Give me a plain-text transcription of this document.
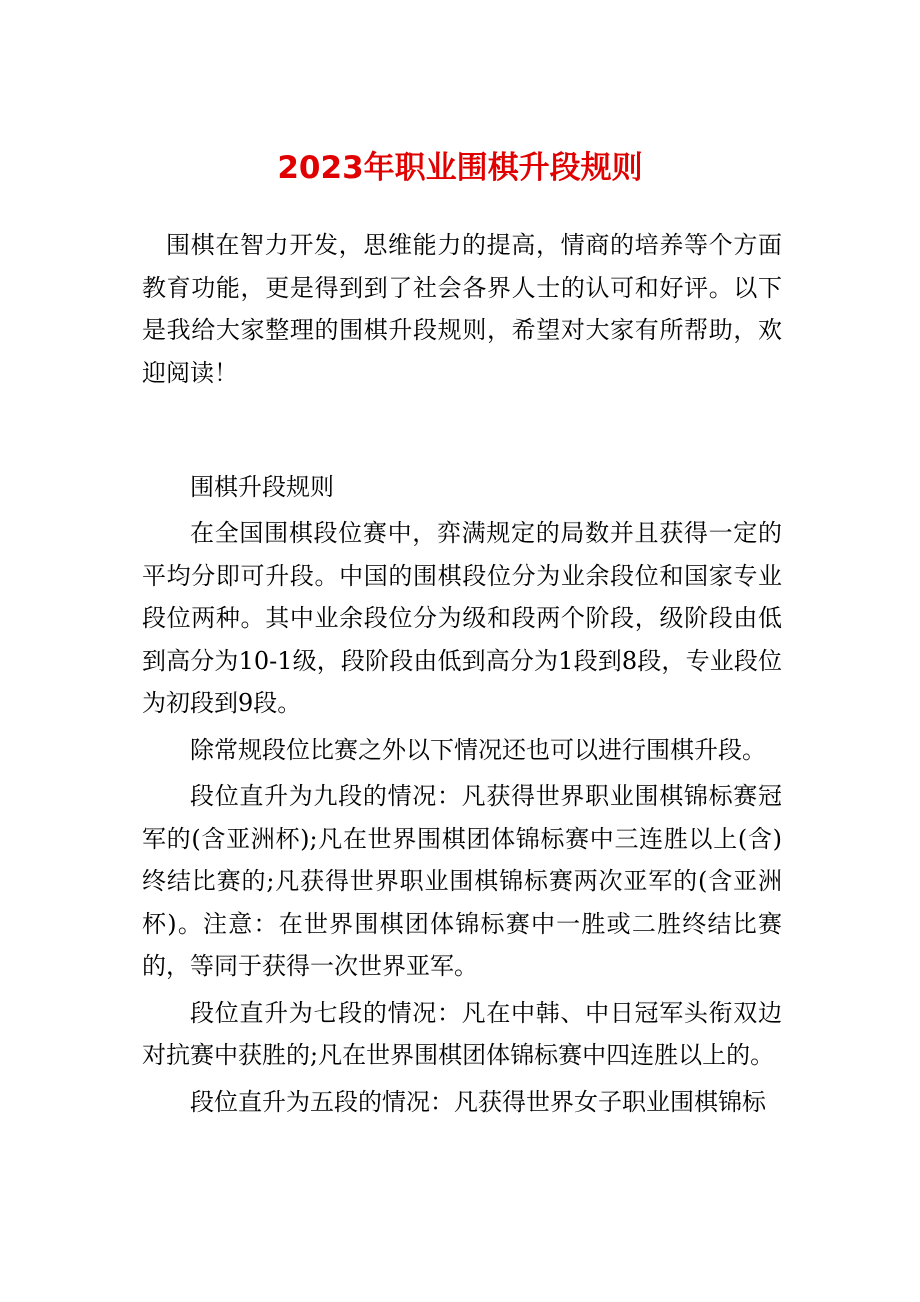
2023年职业围棋升段规则

围棋在智力开发，思维能力的提高，情商的培养等个方面教育功能，更是得到到了社会各界人士的认可和好评。以下是我给大家整理的围棋升段规则，希望对大家有所帮助，欢迎阅读！

围棋升段规则

在全国围棋段位赛中，弈满规定的局数并且获得一定的平均分即可升段。中国的围棋段位分为业余段位和国家专业段位两种。其中业余段位分为级和段两个阶段，级阶段由低到高分为10-1级，段阶段由低到高分为1段到8段，专业段位为初段到9段。

除常规段位比赛之外以下情况还也可以进行围棋升段。

段位直升为九段的情况：凡获得世界职业围棋锦标赛冠军的(含亚洲杯);凡在世界围棋团体锦标赛中三连胜以上(含)终结比赛的;凡获得世界职业围棋锦标赛两次亚军的(含亚洲杯)。注意：在世界围棋团体锦标赛中一胜或二胜终结比赛的，等同于获得一次世界亚军。

段位直升为七段的情况：凡在中韩、中日冠军头衔双边对抗赛中获胜的;凡在世界围棋团体锦标赛中四连胜以上的。

段位直升为五段的情况：凡获得世界女子职业围棋锦标
